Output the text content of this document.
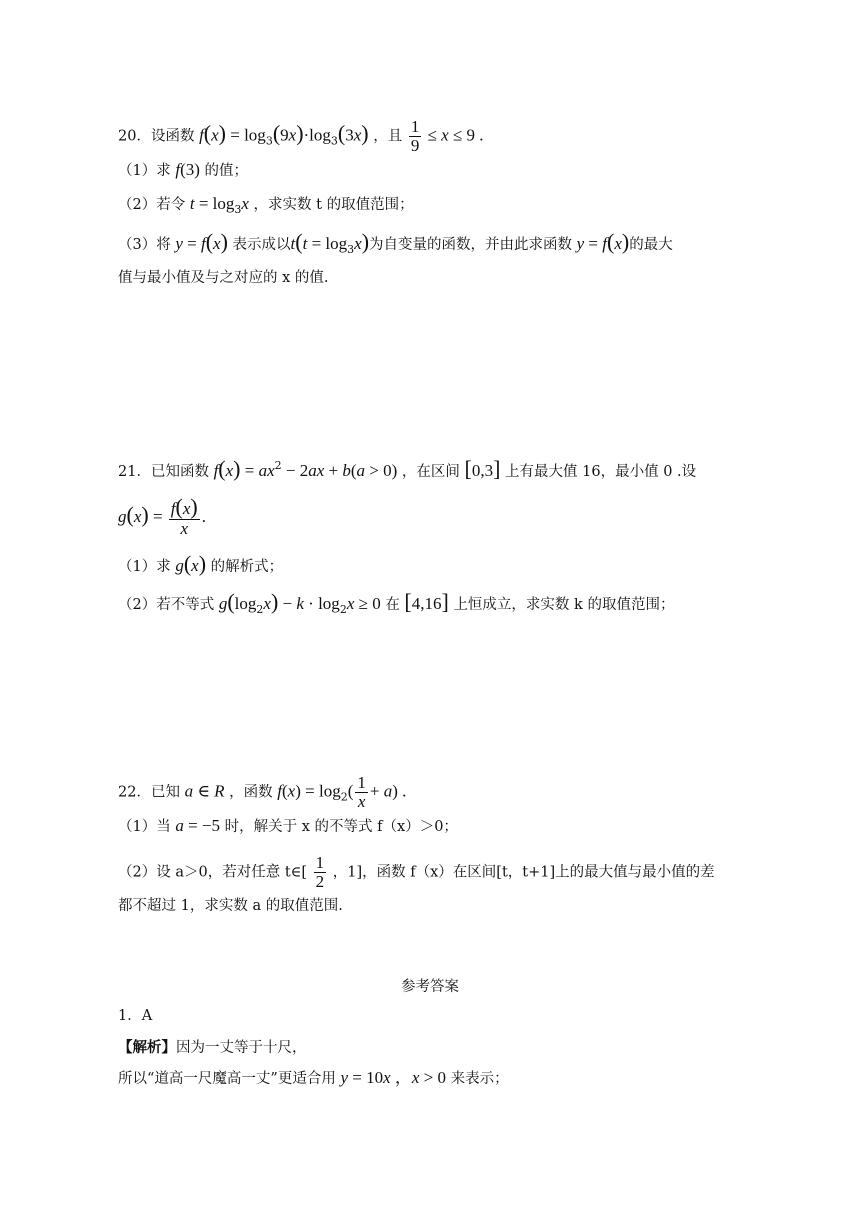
20．设函数 $f(x) = \log_3(9x)\cdot\log_3(3x)$ ，且 $\frac{1}{9} \le x \le 9$ .
（1）求 f(3) 的值；
（2）若令 $t = \log_3x$ ，求实数 t 的取值范围；
（3）将 y = f(x) 表示成以$t(t = \log_3x)$为自变量的函数，并由此求函数 y = f(x)的最大
值与最小值及与之对应的 x 的值.
21．已知函数 $f(x) = ax^2 - 2ax + b(a > 0)$ ，在区间 [0,3] 上有最大值 16，最小值 0 .设
$g(x) = \frac{f(x)}{x}$ .
（1）求 g(x) 的解析式；
（2）若不等式 $g(\log_2x) - k \cdot \log_2x \ge 0$ 在 [4,16] 上恒成立，求实数 k 的取值范围；
22．已知 a ∈ R ，函数 $f(x) = \log_2( \frac{1}{x} + a)$ .
（1）当 a = −5 时，解关于 x 的不等式 f（x）＞0；
（2）设 a＞0，若对任意 t∈[ $\frac{1}{2}$ ，1]，函数 f（x）在区间[t，t+1]上的最大值与最小值的差
都不超过 1，求实数 a 的取值范围.
参考答案
1．A
【解析】因为一丈等于十尺，
所以“道高一尺魔高一丈”更适合用 y = 10x ，x > 0 来表示；
